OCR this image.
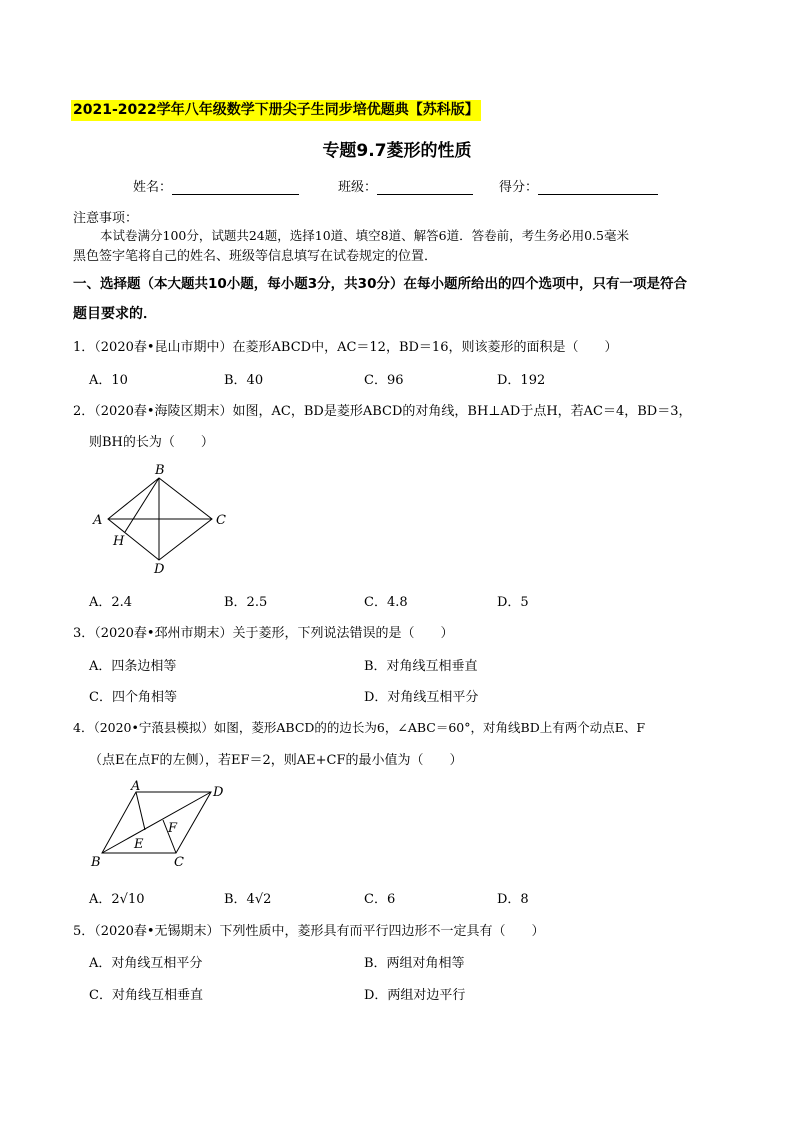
2021-2022学年八年级数学下册尖子生同步培优题典【苏科版】
专题9.7菱形的性质
姓名：	班级：	得分：
注意事项：
本试卷满分100分，试题共24题，选择10道、填空8道、解答6道．答卷前，考生务必用0.5毫米
黑色签字笔将自己的姓名、班级等信息填写在试卷规定的位置．
一、选择题（本大题共10小题，每小题3分，共30分）在每小题所给出的四个选项中，只有一项是符合
题目要求的．
1．（2020春•昆山市期中）在菱形ABCD中，AC＝12，BD＝16，则该菱形的面积是（　　）
A．10	B．40	C．96	D．192
2．（2020春•海陵区期末）如图，AC，BD是菱形ABCD的对角线，BH⊥AD于点H，若AC＝4，BD＝3，
则BH的长为（　　）
B
A	C
H
D
A．2.4	B．2.5	C．4.8	D．5
3．（2020春•邳州市期末）关于菱形，下列说法错误的是（　　）
A．四条边相等	B．对角线互相垂直
C．四个角相等	D．对角线互相平分
4．（2020•宁蒗县模拟）如图，菱形ABCD的的边长为6，∠ABC＝60°，对角线BD上有两个动点E、F
（点E在点F的左侧），若EF＝2，则AE+CF的最小值为（　　）
A	D
F
E
B	C
A．2√10	B．4√2	C．6	D．8
5．（2020春•无锡期末）下列性质中，菱形具有而平行四边形不一定具有（　　）
A．对角线互相平分	B．两组对角相等
C．对角线互相垂直	D．两组对边平行
